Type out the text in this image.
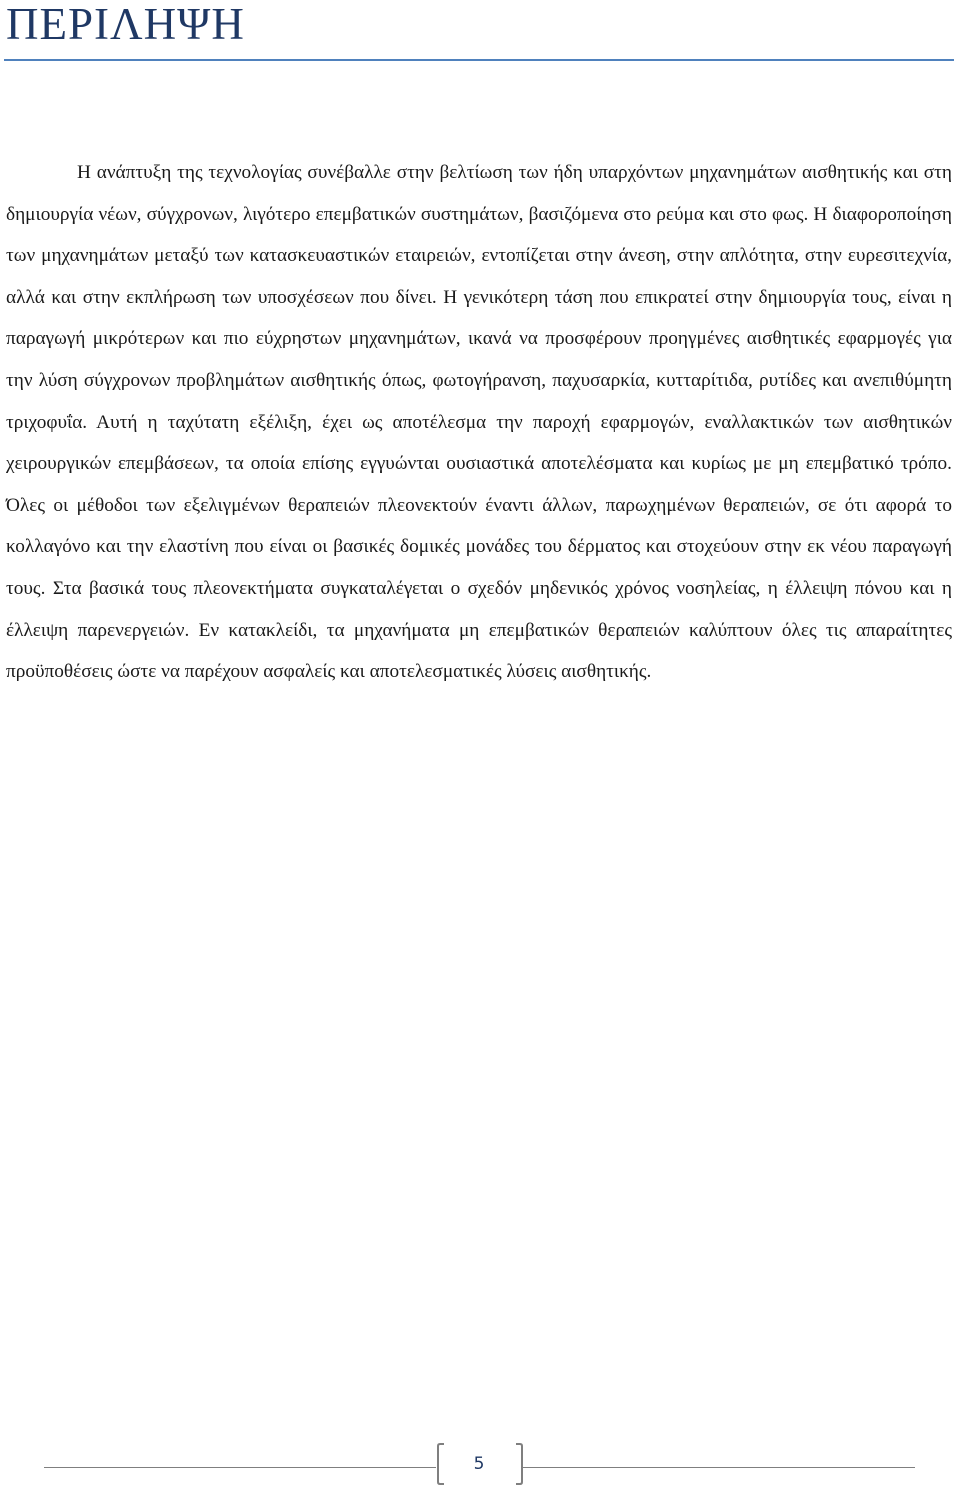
ΠΕΡΙΛΗΨΗ

Η ανάπτυξη της τεχνολογίας συνέβαλλε στην βελτίωση των ήδη υπαρχόντων μηχανημάτων αισθητικής και στη δημιουργία νέων, σύγχρονων, λιγότερο επεμβατικών συστημάτων, βασιζόμενα στο ρεύμα και στο φως. Η διαφοροποίηση των μηχανημάτων μεταξύ των κατασκευαστικών εταιρειών, εντοπίζεται στην άνεση, στην απλότητα, στην ευρεσιτεχνία, αλλά και στην εκπλήρωση των υποσχέσεων που δίνει. Η γενικότερη τάση που επικρατεί στην δημιουργία τους, είναι η παραγωγή μικρότερων και πιο εύχρηστων μηχανημάτων, ικανά να προσφέρουν προηγμένες αισθητικές εφαρμογές για την λύση σύγχρονων προβλημάτων αισθητικής όπως, φωτογήρανση, παχυσαρκία, κυτταρίτιδα, ρυτίδες και ανεπιθύμητη τριχοφυΐα. Αυτή η ταχύτατη εξέλιξη, έχει ως αποτέλεσμα την παροχή εφαρμογών, εναλλακτικών των αισθητικών χειρουργικών επεμβάσεων, τα οποία επίσης εγγυώνται ουσιαστικά αποτελέσματα και κυρίως με μη επεμβατικό τρόπο. Όλες οι μέθοδοι των εξελιγμένων θεραπειών πλεονεκτούν έναντι άλλων, παρωχημένων θεραπειών, σε ότι αφορά το κολλαγόνο και την ελαστίνη που είναι οι βασικές δομικές μονάδες του δέρματος και στοχεύουν στην εκ νέου παραγωγή τους. Στα βασικά τους πλεονεκτήματα συγκαταλέγεται ο σχεδόν μηδενικός χρόνος νοσηλείας, η έλλειψη πόνου και η έλλειψη παρενεργειών. Εν κατακλείδι, τα μηχανήματα μη επεμβατικών θεραπειών καλύπτουν όλες τις απαραίτητες προϋποθέσεις ώστε να παρέχουν ασφαλείς και αποτελεσματικές λύσεις αισθητικής.

5
